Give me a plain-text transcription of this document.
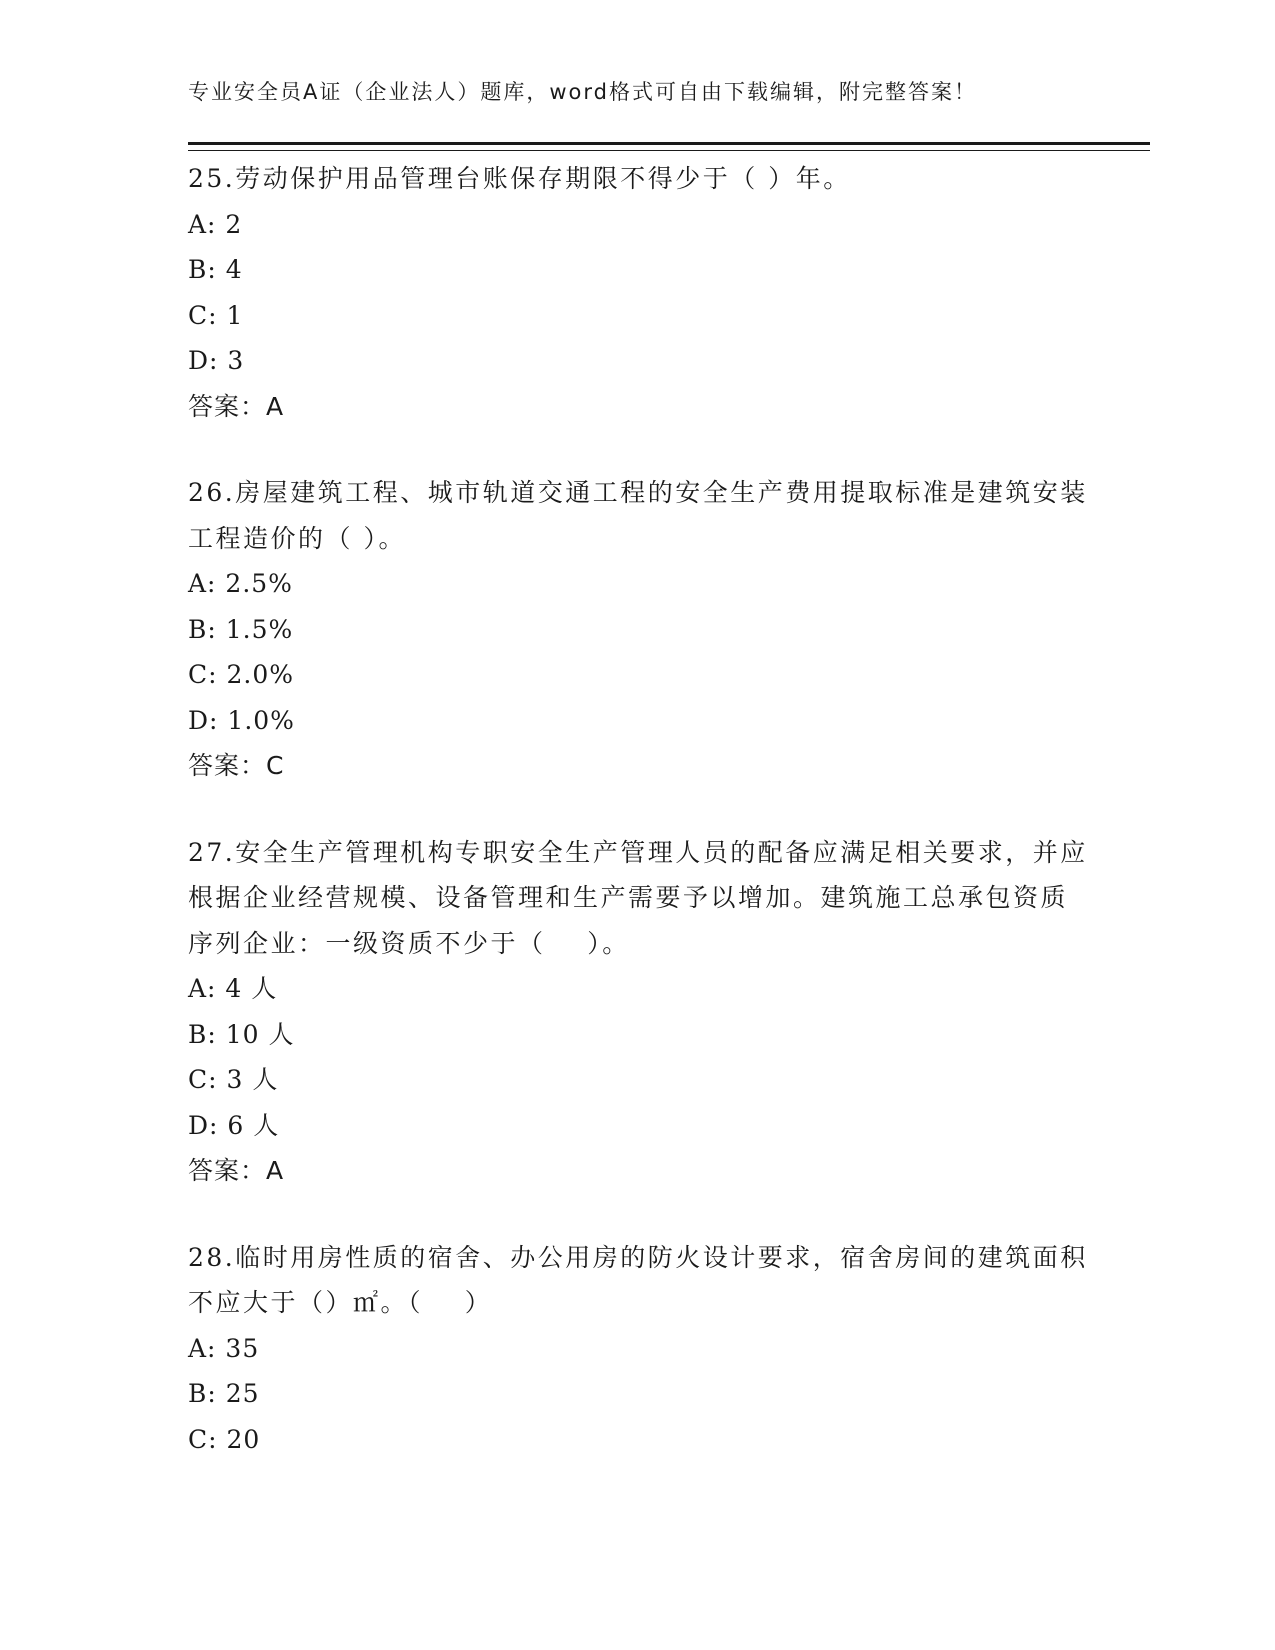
专业安全员A证（企业法人）题库，word格式可自由下载编辑，附完整答案！
25.劳动保护用品管理台账保存期限不得少于（ ）年。
A: 2
B: 4
C: 1
D: 3
答案：A
26.房屋建筑工程、城市轨道交通工程的安全生产费用提取标准是建筑安装工程造价的（ ）。
A: 2.5%
B: 1.5%
C: 2.0%
D: 1.0%
答案：C
27.安全生产管理机构专职安全生产管理人员的配备应满足相关要求，并应根据企业经营规模、设备管理和生产需要予以增加。建筑施工总承包资质序列企业：一级资质不少于（    ）。
A: 4 人
B: 10 人
C: 3 人
D: 6 人
答案：A
28.临时用房性质的宿舍、办公用房的防火设计要求，宿舍房间的建筑面积不应大于（）㎡。（    ）
A: 35
B: 25
C: 20
